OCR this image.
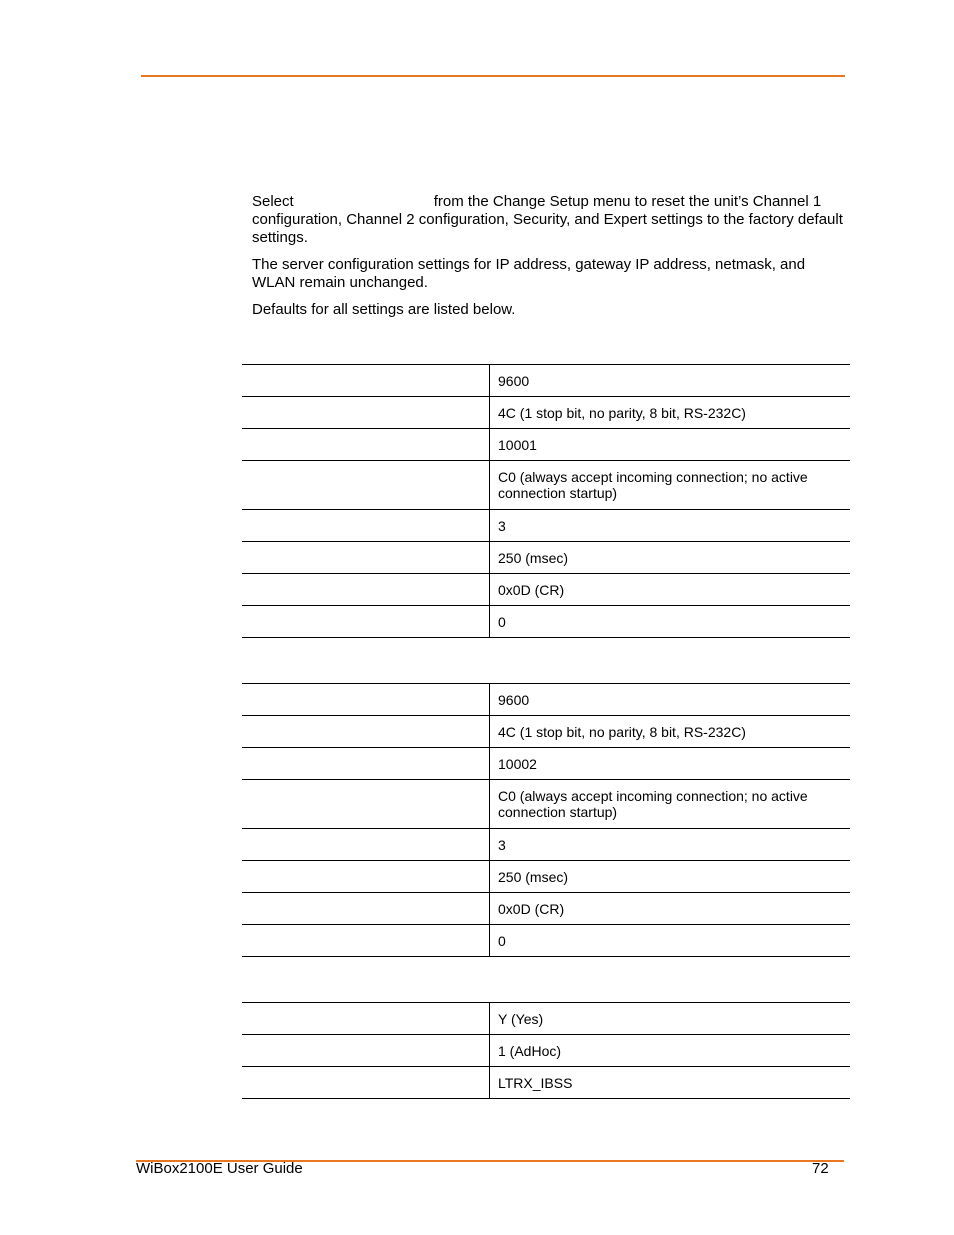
Select	from the Change Setup menu to reset the unit’s Channel 1 configuration, Channel 2 configuration, Security, and Expert settings to the factory default settings.

The server configuration settings for IP address, gateway IP address, netmask, and WLAN remain unchanged.

Defaults for all settings are listed below.

	9600
	4C (1 stop bit, no parity, 8 bit, RS-232C)
	10001
	C0 (always accept incoming connection; no active connection startup)
	3
	250 (msec)
	0x0D (CR)
	0
	9600
	4C (1 stop bit, no parity, 8 bit, RS-232C)
	10002
	C0 (always accept incoming connection; no active connection startup)
	3
	250 (msec)
	0x0D (CR)
	0
	Y (Yes)
	1 (AdHoc)
	LTRX_IBSS
WiBox2100E User Guide	72
